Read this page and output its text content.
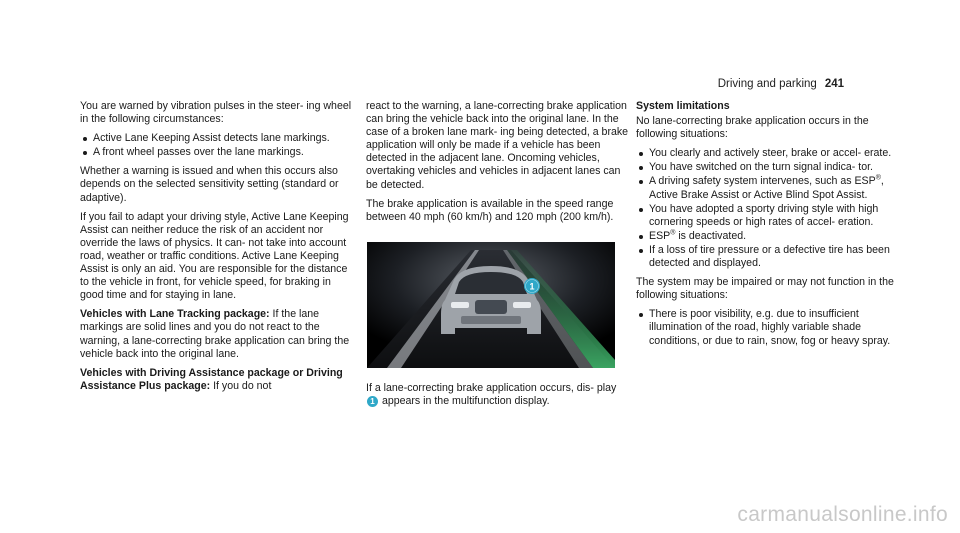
Driving and parking 241

You are warned by vibration pulses in the steer- ing wheel in the following circumstances:

Active Lane Keeping Assist detects lane markings.
A front wheel passes over the lane markings.

Whether a warning is issued and when this occurs also depends on the selected sensitivity setting (standard or adaptive).

If you fail to adapt your driving style, Active Lane Keeping Assist can neither reduce the risk of an accident nor override the laws of physics. It can- not take into account road, weather or traffic conditions. Active Lane Keeping Assist is only an aid. You are responsible for the distance to the vehicle in front, for vehicle speed, for braking in good time and for staying in lane.

Vehicles with Lane Tracking package: If the lane markings are solid lines and you do not react to the warning, a lane-correcting brake application can bring the vehicle back into the original lane.

Vehicles with Driving Assistance package or Driving Assistance Plus package: If you do not

react to the warning, a lane-correcting brake application can bring the vehicle back into the original lane. In the case of a broken lane mark- ing being detected, a brake application will only be made if a vehicle has been detected in the adjacent lane. Oncoming vehicles, overtaking vehicles and vehicles in adjacent lanes can be detected.

The brake application is available in the speed range between 40 mph (60 km/h) and 120 mph (200 km/h).

1

If a lane-correcting brake application occurs, dis- play 1 appears in the multifunction display.

System limitations

No lane-correcting brake application occurs in the following situations:

You clearly and actively steer, brake or accel- erate.
You have switched on the turn signal indica- tor.
A driving safety system intervenes, such as ESP®, Active Brake Assist or Active Blind Spot Assist.
You have adopted a sporty driving style with high cornering speeds or high rates of accel- eration.
ESP® is deactivated.
If a loss of tire pressure or a defective tire has been detected and displayed.

The system may be impaired or may not function in the following situations:

There is poor visibility, e.g. due to insufficient illumination of the road, highly variable shade conditions, or due to rain, snow, fog or heavy spray.
carmanualsonline.info
